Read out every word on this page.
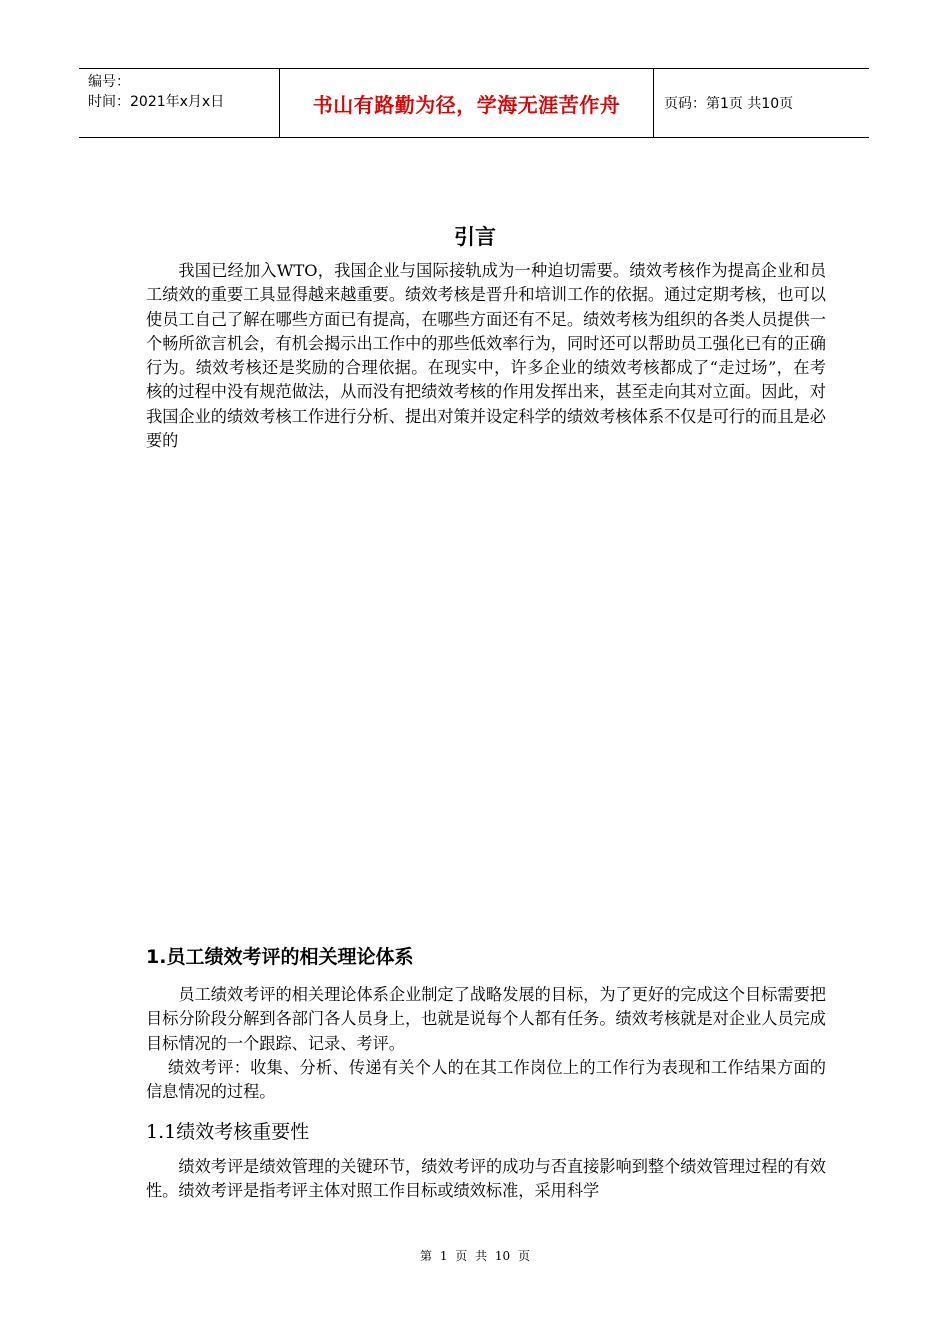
编号：
时间：2021年x月x日	书山有路勤为径，学海无涯苦作舟	页码：第1页 共10页
引言

我国已经加入WTO，我国企业与国际接轨成为一种迫切需要。绩效考核作为提高企业和员工绩效的重要工具显得越来越重要。绩效考核是晋升和培训工作的依据。通过定期考核，也可以使员工自己了解在哪些方面已有提高，在哪些方面还有不足。绩效考核为组织的各类人员提供一个畅所欲言机会，有机会揭示出工作中的那些低效率行为，同时还可以帮助员工强化已有的正确行为。绩效考核还是奖励的合理依据。在现实中，许多企业的绩效考核都成了“走过场”，在考核的过程中没有规范做法，从而没有把绩效考核的作用发挥出来，甚至走向其对立面。因此，对我国企业的绩效考核工作进行分析、提出对策并设定科学的绩效考核体系不仅是可行的而且是必要的

1.员工绩效考评的相关理论体系

员工绩效考评的相关理论体系企业制定了战略发展的目标，为了更好的完成这个目标需要把目标分阶段分解到各部门各人员身上，也就是说每个人都有任务。绩效考核就是对企业人员完成目标情况的一个跟踪、记录、考评。

绩效考评：收集、分析、传递有关个人的在其工作岗位上的工作行为表现和工作结果方面的信息情况的过程。

1.1绩效考核重要性

绩效考评是绩效管理的关键环节，绩效考评的成功与否直接影响到整个绩效管理过程的有效性。绩效考评是指考评主体对照工作目标或绩效标准，采用科学

第 1 页 共 10 页
